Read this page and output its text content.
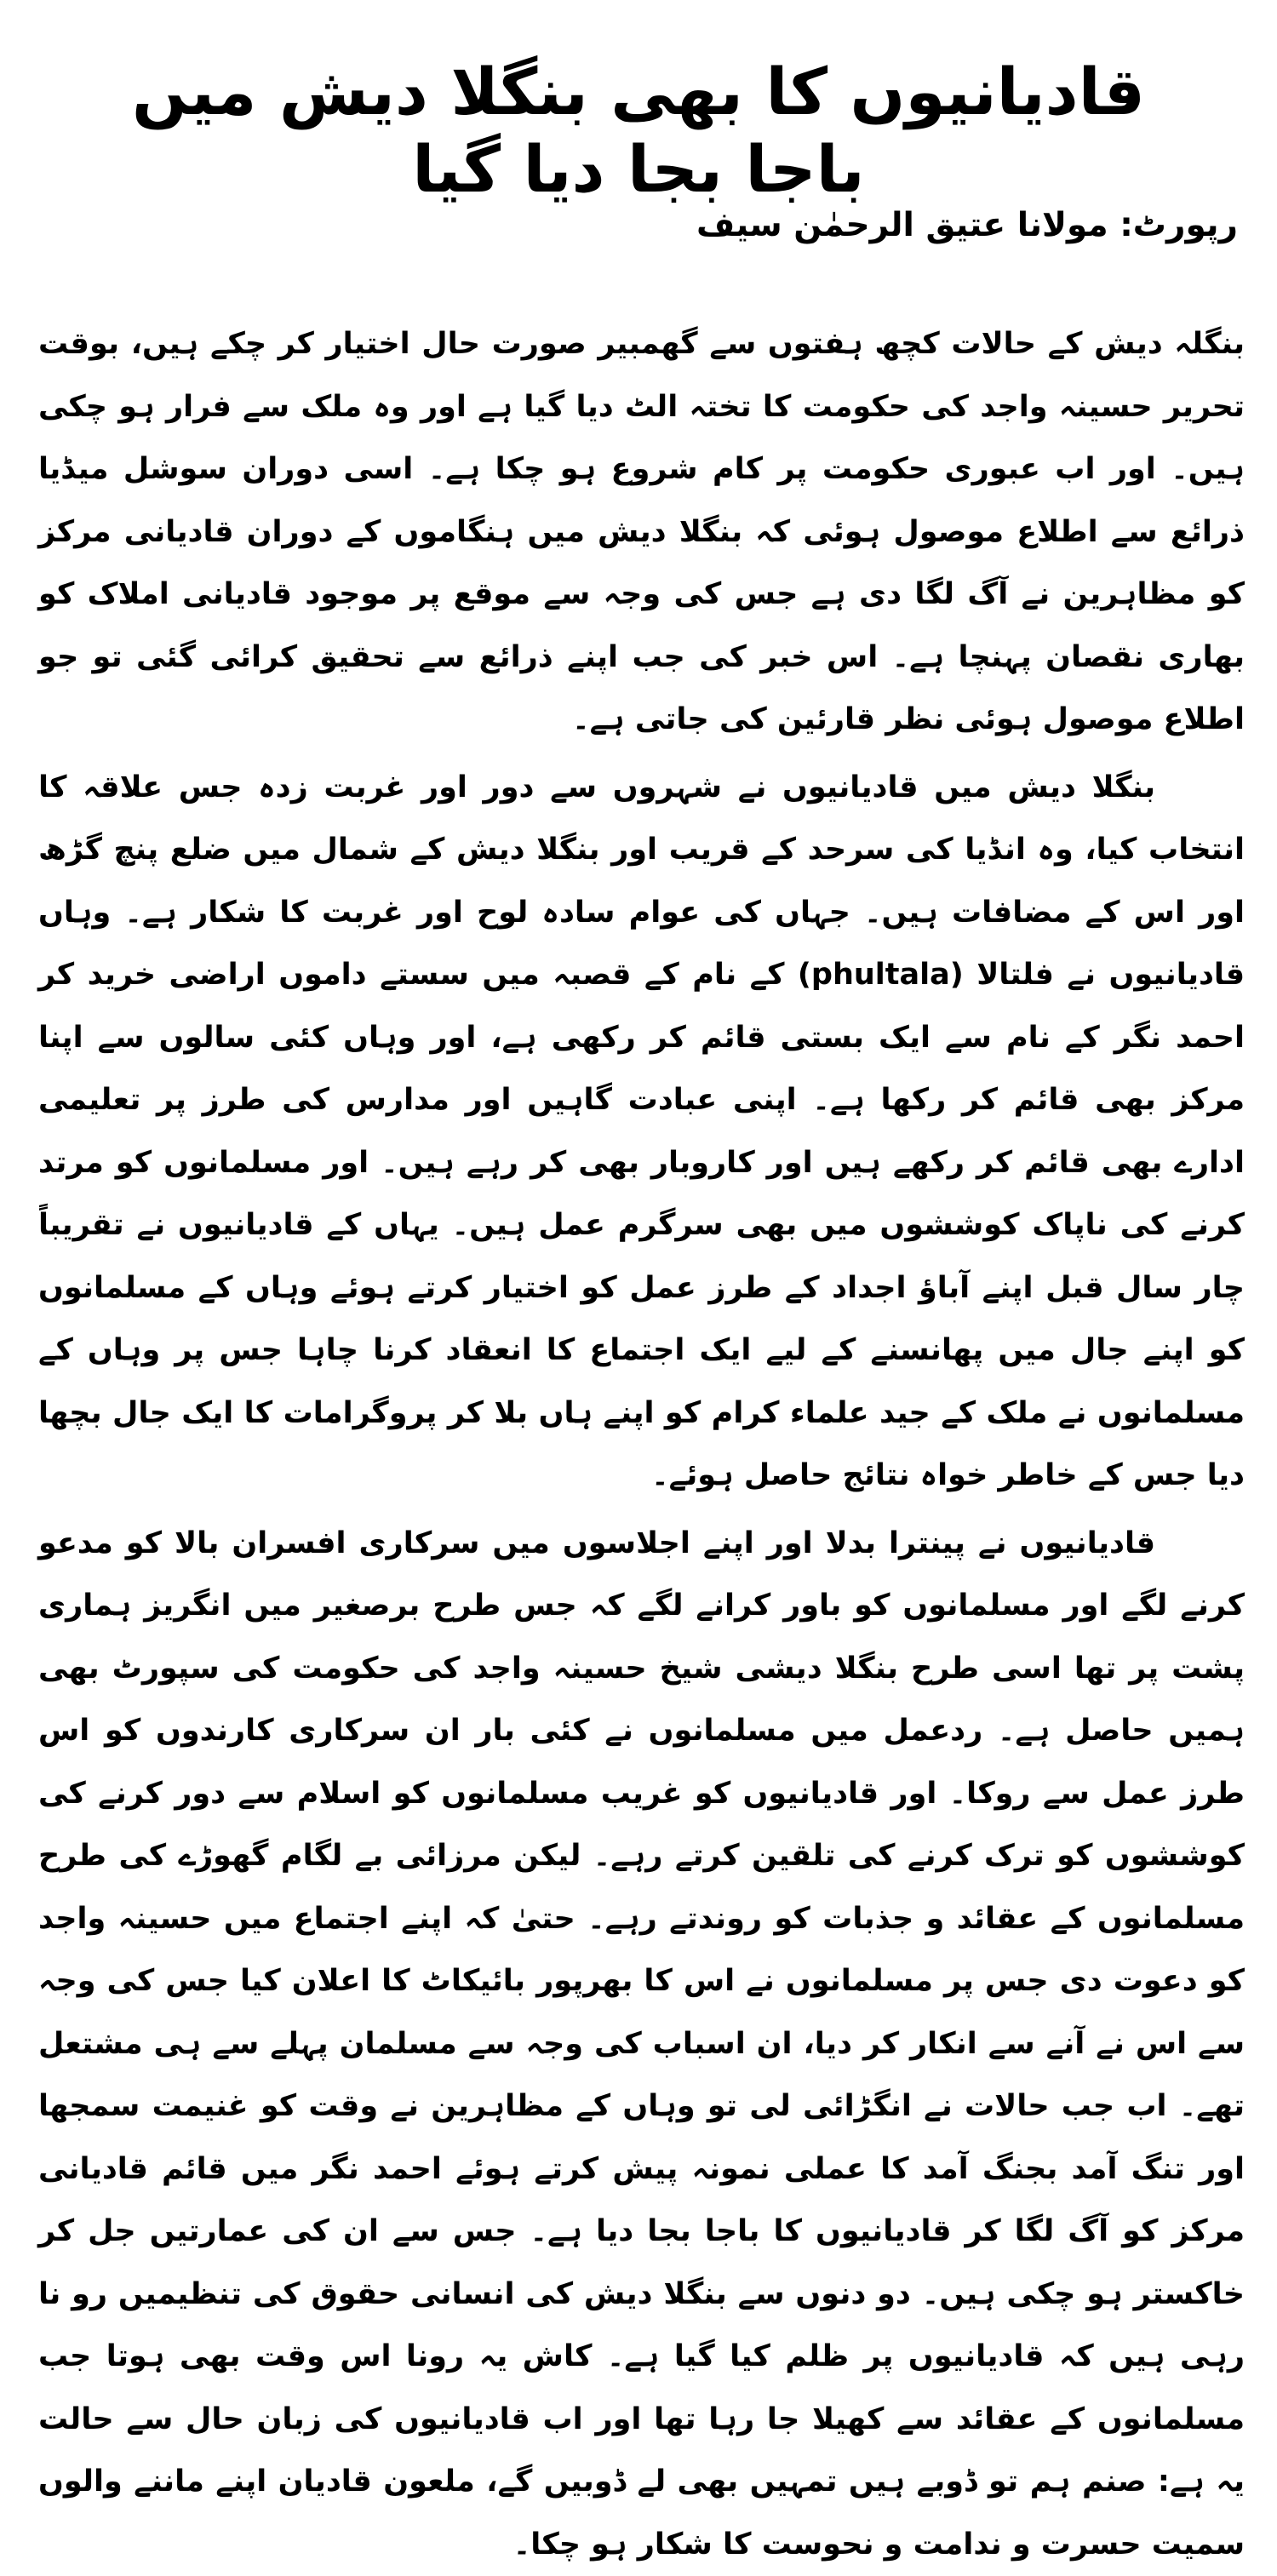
قادیانیوں کا بھی بنگلا دیش میں باجا بجا دیا گیا
رپورٹ: مولانا عتیق الرحمٰن سیف

بنگلہ دیش کے حالات کچھ ہفتوں سے گھمبیر صورت حال اختیار کر چکے ہیں، بوقت تحریر حسینہ واجد کی حکومت کا تختہ الٹ دیا گیا ہے اور وہ ملک سے فرار ہو چکی ہیں۔ اور اب عبوری حکومت پر کام شروع ہو چکا ہے۔ اسی دوران سوشل میڈیا ذرائع سے اطلاع موصول ہوئی کہ بنگلا دیش میں ہنگاموں کے دوران قادیانی مرکز کو مظاہرین نے آگ لگا دی ہے جس کی وجہ سے موقع پر موجود قادیانی املاک کو بھاری نقصان پہنچا ہے۔ اس خبر کی جب اپنے ذرائع سے تحقیق کرائی گئی تو جو اطلاع موصول ہوئی نظر قارئین کی جاتی ہے۔

بنگلا دیش میں قادیانیوں نے شہروں سے دور اور غربت زدہ جس علاقہ کا انتخاب کیا، وہ انڈیا کی سرحد کے قریب اور بنگلا دیش کے شمال میں ضلع پنچ گڑھ اور اس کے مضافات ہیں۔ جہاں کی عوام سادہ لوح اور غربت کا شکار ہے۔ وہاں قادیانیوں نے فلتالا (phultala) کے نام کے قصبہ میں سستے داموں اراضی خرید کر احمد نگر کے نام سے ایک بستی قائم کر رکھی ہے، اور وہاں کئی سالوں سے اپنا مرکز بھی قائم کر رکھا ہے۔ اپنی عبادت گاہیں اور مدارس کی طرز پر تعلیمی ادارے بھی قائم کر رکھے ہیں اور کاروبار بھی کر رہے ہیں۔ اور مسلمانوں کو مرتد کرنے کی ناپاک کوششوں میں بھی سرگرم عمل ہیں۔ یہاں کے قادیانیوں نے تقریباً چار سال قبل اپنے آباؤ اجداد کے طرز عمل کو اختیار کرتے ہوئے وہاں کے مسلمانوں کو اپنے جال میں پھانسنے کے لیے ایک اجتماع کا انعقاد کرنا چاہا جس پر وہاں کے مسلمانوں نے ملک کے جید علماء کرام کو اپنے ہاں بلا کر پروگرامات کا ایک جال بچھا دیا جس کے خاطر خواہ نتائج حاصل ہوئے۔

قادیانیوں نے پینترا بدلا اور اپنے اجلاسوں میں سرکاری افسران بالا کو مدعو کرنے لگے اور مسلمانوں کو باور کرانے لگے کہ جس طرح برصغیر میں انگریز ہماری پشت پر تھا اسی طرح بنگلا دیشی شیخ حسینہ واجد کی حکومت کی سپورٹ بھی ہمیں حاصل ہے۔ ردعمل میں مسلمانوں نے کئی بار ان سرکاری کارندوں کو اس طرز عمل سے روکا۔ اور قادیانیوں کو غریب مسلمانوں کو اسلام سے دور کرنے کی کوششوں کو ترک کرنے کی تلقین کرتے رہے۔ لیکن مرزائی بے لگام گھوڑے کی طرح مسلمانوں کے عقائد و جذبات کو روندتے رہے۔ حتیٰ کہ اپنے اجتماع میں حسینہ واجد کو دعوت دی جس پر مسلمانوں نے اس کا بھرپور بائیکاٹ کا اعلان کیا جس کی وجہ سے اس نے آنے سے انکار کر دیا، ان اسباب کی وجہ سے مسلمان پہلے سے ہی مشتعل تھے۔ اب جب حالات نے انگڑائی لی تو وہاں کے مظاہرین نے وقت کو غنیمت سمجھا اور تنگ آمد بجنگ آمد کا عملی نمونہ پیش کرتے ہوئے احمد نگر میں قائم قادیانی مرکز کو آگ لگا کر قادیانیوں کا باجا بجا دیا ہے۔ جس سے ان کی عمارتیں جل کر خاکستر ہو چکی ہیں۔ دو دنوں سے بنگلا دیش کی انسانی حقوق کی تنظیمیں رو نا رہی ہیں کہ قادیانیوں پر ظلم کیا گیا ہے۔ کاش یہ رونا اس وقت بھی ہوتا جب مسلمانوں کے عقائد سے کھیلا جا رہا تھا اور اب قادیانیوں کی زبان حال سے حالت یہ ہے: صنم ہم تو ڈوبے ہیں تمہیں بھی لے ڈوبیں گے، ملعون قادیان اپنے ماننے والوں سمیت حسرت و ندامت و نحوست کا شکار ہو چکا۔
